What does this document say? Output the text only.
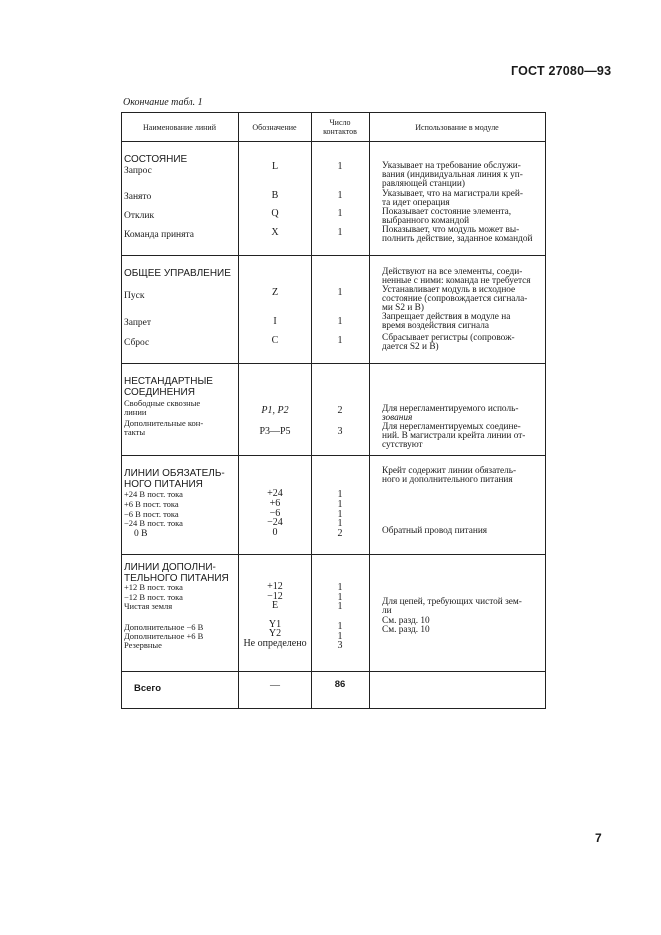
ГОСТ 27080—93
Окончание табл. 1
Наименование линий	Обозначение
Число
контактов	Использование в модуле
СОСТОЯНИЕ
Запрос	L	1	Указывает на требование обслужи-
вания (индивидуальная линия к уп-
равляющей станции)
Занято	B	1	Указывает, что на магистрали крей-
та идет операция
Отклик	Q	1	Показывает состояние элемента,
выбранного командой
Команда принята	X	1	Показывает, что модуль может вы-
полнить действие, заданное командой
ОБЩЕЕ УПРАВЛЕНИЕ	Действуют на все элементы, соеди-
ненные с ними: команда не требуется
Пуск	Z	1	Устанавливает модуль в исходное
состояние (сопровождается сигнала-
ми S2 и B)
Запрет	I	1	Запрещает действия в модуле на
время воздействия сигнала
Сброс	C	1	Сбрасывает регистры (сопровож-
дается S2 и B)
НЕСТАНДАРТНЫЕ
СОЕДИНЕНИЯ
Свободные сквозные
линии	P1, P2	2	Для нерегламентируемого исполь-
зования
Дополнительные кон-
такты	P3—P5	3	Для нерегламентируемых соедине-
ний. В магистрали крейта линии от-
сутствуют
ЛИНИИ ОБЯЗАТЕЛЬ-
НОГО ПИТАНИЯ
Крейт содержит линии обязатель-
ного и дополнительного питания
+24 В пост. тока	+24	1
+6 В пост. тока	+6	1
−6 В пост. тока	−6	1
−24 В пост. тока	−24	1
0 В	0	2	Обратный провод питания
ЛИНИИ ДОПОЛНИ-
ТЕЛЬНОГО ПИТАНИЯ
+12 В пост. тока	+12	1
−12 В пост. тока	−12	1
Чистая земля	E	1	Для цепей, требующих чистой зем-
ли
Дополнительное −6 В	Y1	1	См. разд. 10
Дополнительное +6 В	Y2	1
См. разд. 10
Резервные	Не определено	3
Всего	—	86
7
